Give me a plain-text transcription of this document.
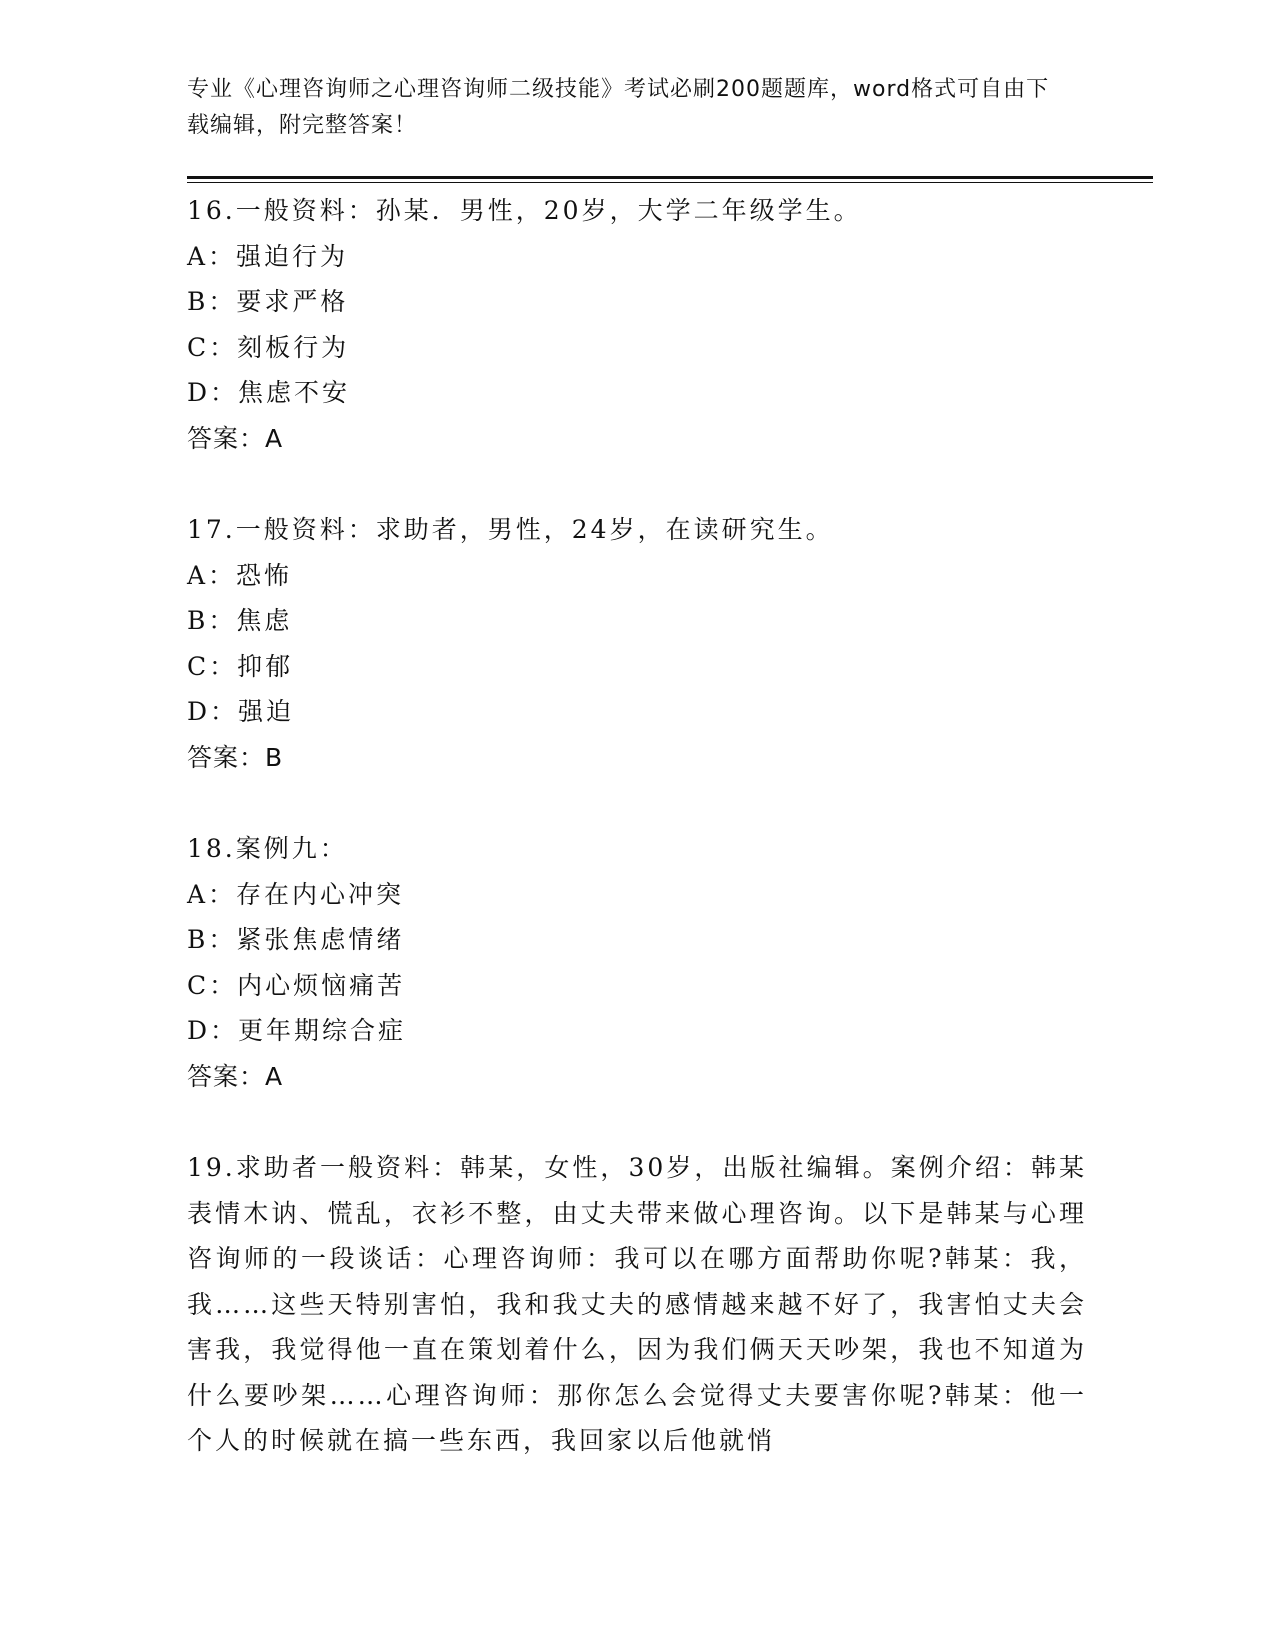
专业《心理咨询师之心理咨询师二级技能》考试必刷200题题库，word格式可自由下载编辑，附完整答案！
16.一般资料：孙某．男性，20岁，大学二年级学生。
A：强迫行为
B：要求严格
C：刻板行为
D：焦虑不安
答案：A
17.一般资料：求助者，男性，24岁，在读研究生。
A：恐怖
B：焦虑
C：抑郁
D：强迫
答案：B
18.案例九：
A：存在内心冲突
B：紧张焦虑情绪
C：内心烦恼痛苦
D：更年期综合症
答案：A
19.求助者一般资料：韩某，女性，30岁，出版社编辑。案例介绍：韩某表情木讷、慌乱，衣衫不整，由丈夫带来做心理咨询。以下是韩某与心理咨询师的一段谈话：心理咨询师：我可以在哪方面帮助你呢?韩某：我，我……这些天特别害怕，我和我丈夫的感情越来越不好了，我害怕丈夫会害我，我觉得他一直在策划着什么，因为我们俩天天吵架，我也不知道为什么要吵架……心理咨询师：那你怎么会觉得丈夫要害你呢?韩某：他一个人的时候就在搞一些东西，我回家以后他就悄
